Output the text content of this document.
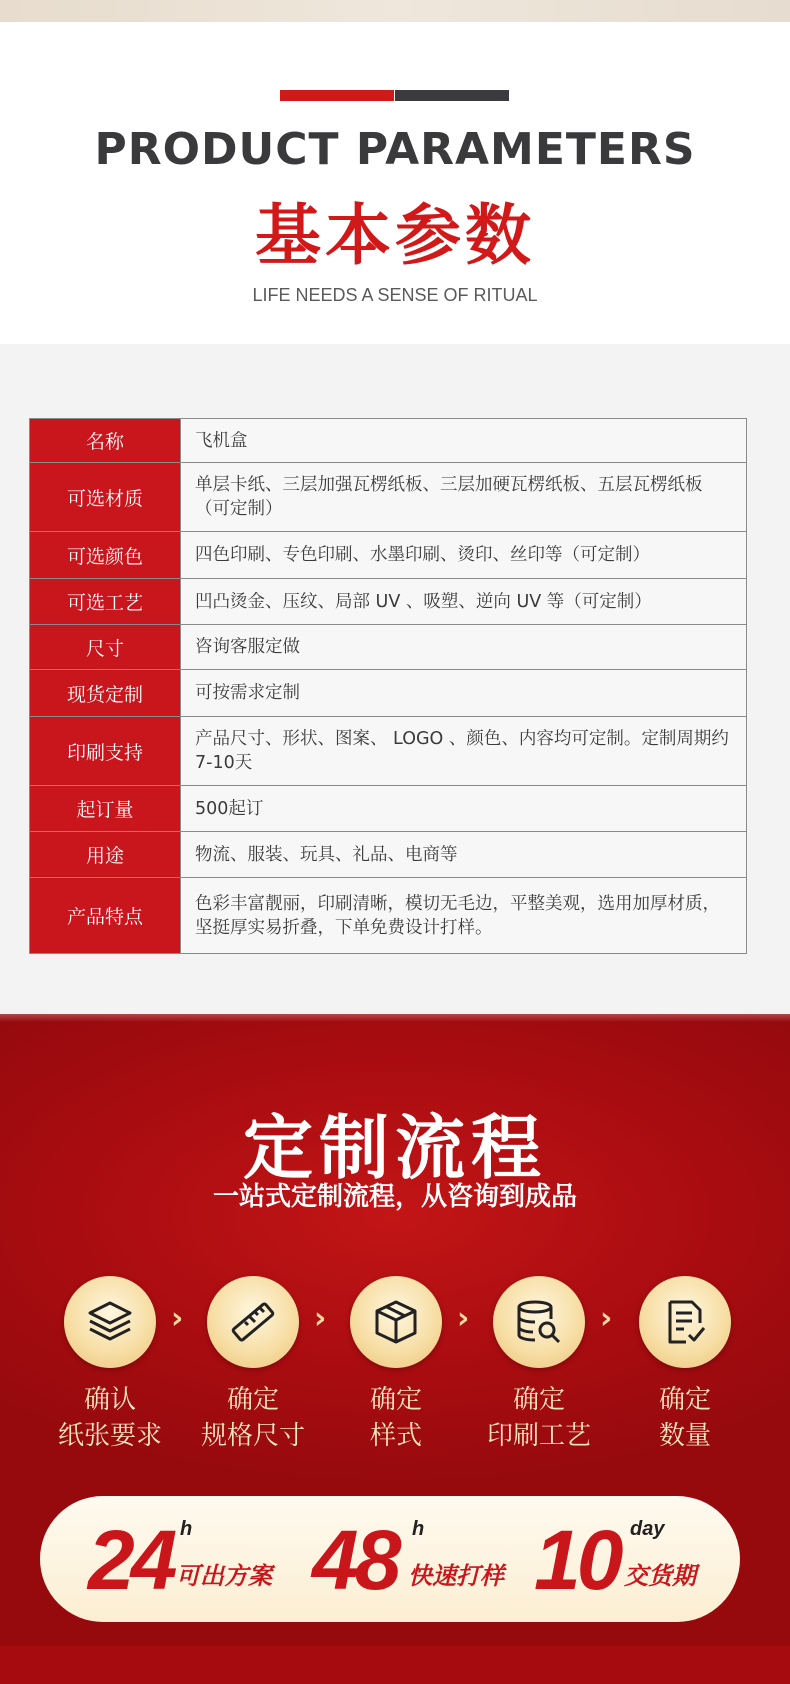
PRODUCT PARAMETERS
基本参数
LIFE NEEDS A SENSE OF RITUAL
名称	飞机盒
可选材质	单层卡纸、三层加强瓦楞纸板、三层加硬瓦楞纸板、五层瓦楞纸板（可定制）
可选颜色	四色印刷、专色印刷、水墨印刷、烫印、丝印等（可定制）
可选工艺	凹凸烫金、压纹、局部 UV 、吸塑、逆向 UV 等（可定制）
尺寸	咨询客服定做
现货定制	可按需求定制
印刷支持	产品尺寸、形状、图案、 LOGO 、颜色、内容均可定制。定制周期约7-10天
起订量	500起订
用途	物流、服装、玩具、礼品、电商等
产品特点	色彩丰富靓丽，印刷清晰，模切无毛边，平整美观，选用加厚材质，坚挺厚实易折叠，下单免费设计打样。
定制流程
一站式定制流程，从咨询到成品
确认
纸张要求
›
确定
规格尺寸
›
确定
样式
›
确定
印刷工艺
›
确定
数量
24 h
可出方案 48 h
快速打样 10 day
交货期
